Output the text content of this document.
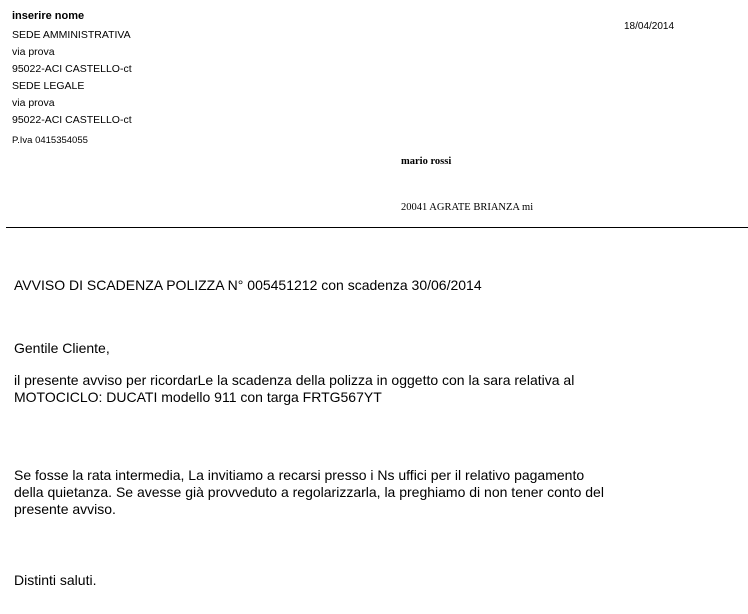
inserire nome
SEDE AMMINISTRATIVA
via prova
95022-ACI CASTELLO-ct
SEDE LEGALE
via prova
95022-ACI CASTELLO-ct
P.Iva 0415354055
18/04/2014
mario rossi
20041 AGRATE BRIANZA mi
AVVISO DI SCADENZA POLIZZA N° 005451212 con scadenza 30/06/2014
Gentile Cliente,
il presente avviso per ricordarLe la scadenza della polizza in oggetto con la sara relativa al
MOTOCICLO: DUCATI modello 911 con targa FRTG567YT
Se fosse la rata intermedia, La invitiamo a recarsi presso i Ns uffici per il relativo pagamento
della quietanza. Se avesse già provveduto a regolarizzarla, la preghiamo di non tener conto del
presente avviso.
Distinti saluti.
